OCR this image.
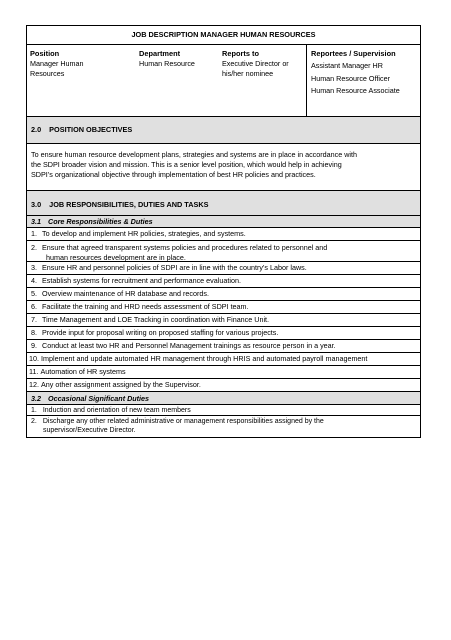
JOB DESCRIPTION MANAGER HUMAN RESOURCES
Position
Manager Human
Resources
Department
Human Resource
Reports to
Executive Director or
his/her nominee
Reportees / Supervision
Assistant Manager HR
Human Resource Officer
Human Resource Associate
2.0 POSITION OBJECTIVES
To ensure human resource development plans, strategies and systems are in place in accordance with
the SDPI broader vision and mission. This is a senior level position, which would help in achieving
SDPI’s organizational objective through implementation of best HR policies and practices.
3.0 JOB RESPONSIBILITIES, DUTIES AND TASKS
3.1 Core Responsibilities & Duties
1. To develop and implement HR policies, strategies, and systems.
2. Ensure that agreed transparent systems policies and procedures related to personnel and
human resources development are in place.
3. Ensure HR and personnel policies of SDPI are in line with the country’s Labor laws.
4. Establish systems for recruitment and performance evaluation.
5. Overview maintenance of HR database and records.
6. Facilitate the training and HRD needs assessment of SDPI team.
7. Time Management and LOE Tracking in coordination with Finance Unit.
8. Provide input for proposal writing on proposed staffing for various projects.
9. Conduct at least two HR and Personnel Management trainings as resource person in a year.
10. Implement and update automated HR management through HRIS and automated payroll management
11. Automation of HR systems
12. Any other assignment assigned by the Supervisor.
3.2 Occasional Significant Duties
1. Induction and orientation of new team members
2. Discharge any other related administrative or management responsibilities assigned by the
supervisor/Executive Director.
